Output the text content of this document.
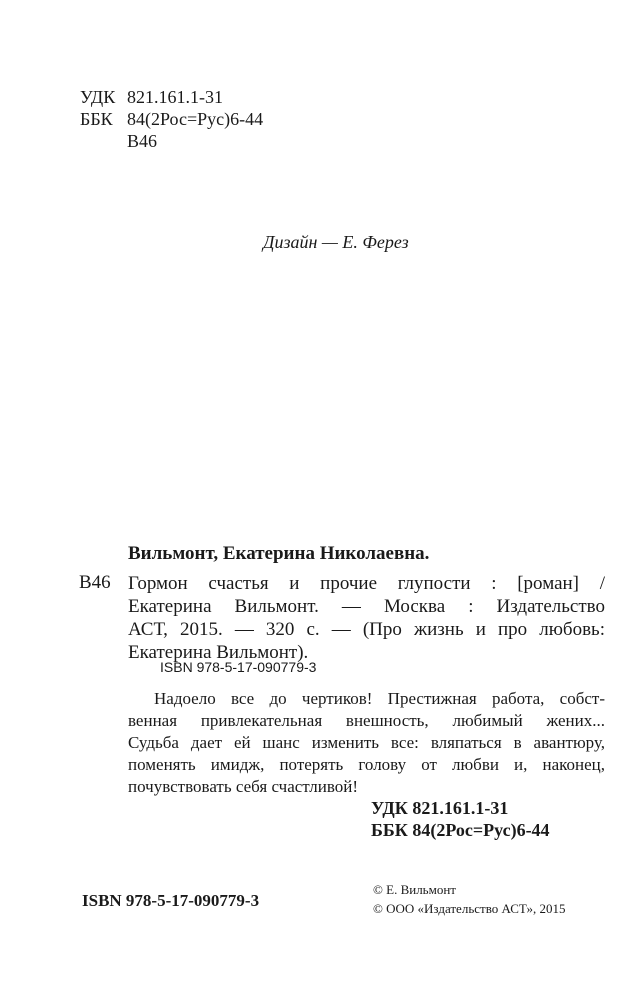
УДК 821.161.1-31
ББК 84(2Рос=Рус)6-44
В46
Дизайн — Е. Ферез
Вильмонт, Екатерина Николаевна.
В46 Гормон счастья и прочие глупости : [роман] /
Екатерина Вильмонт. — Москва : Издательство
АСТ, 2015. — 320 с. — (Про жизнь и про любовь:
Екатерина Вильмонт).
ISBN 978-5-17-090779-3
Надоело все до чертиков! Престижная работа, собст-
венная привлекательная внешность, любимый жених...
Судьба дает ей шанс изменить все: вляпаться в авантюру,
поменять имидж, потерять голову от любви и, наконец,
почувствовать себя счастливой!
УДК 821.161.1-31
ББК 84(2Рос=Рус)6-44
ISBN 978-5-17-090779-3
© Е. Вильмонт
© ООО «Издательство АСТ», 2015
